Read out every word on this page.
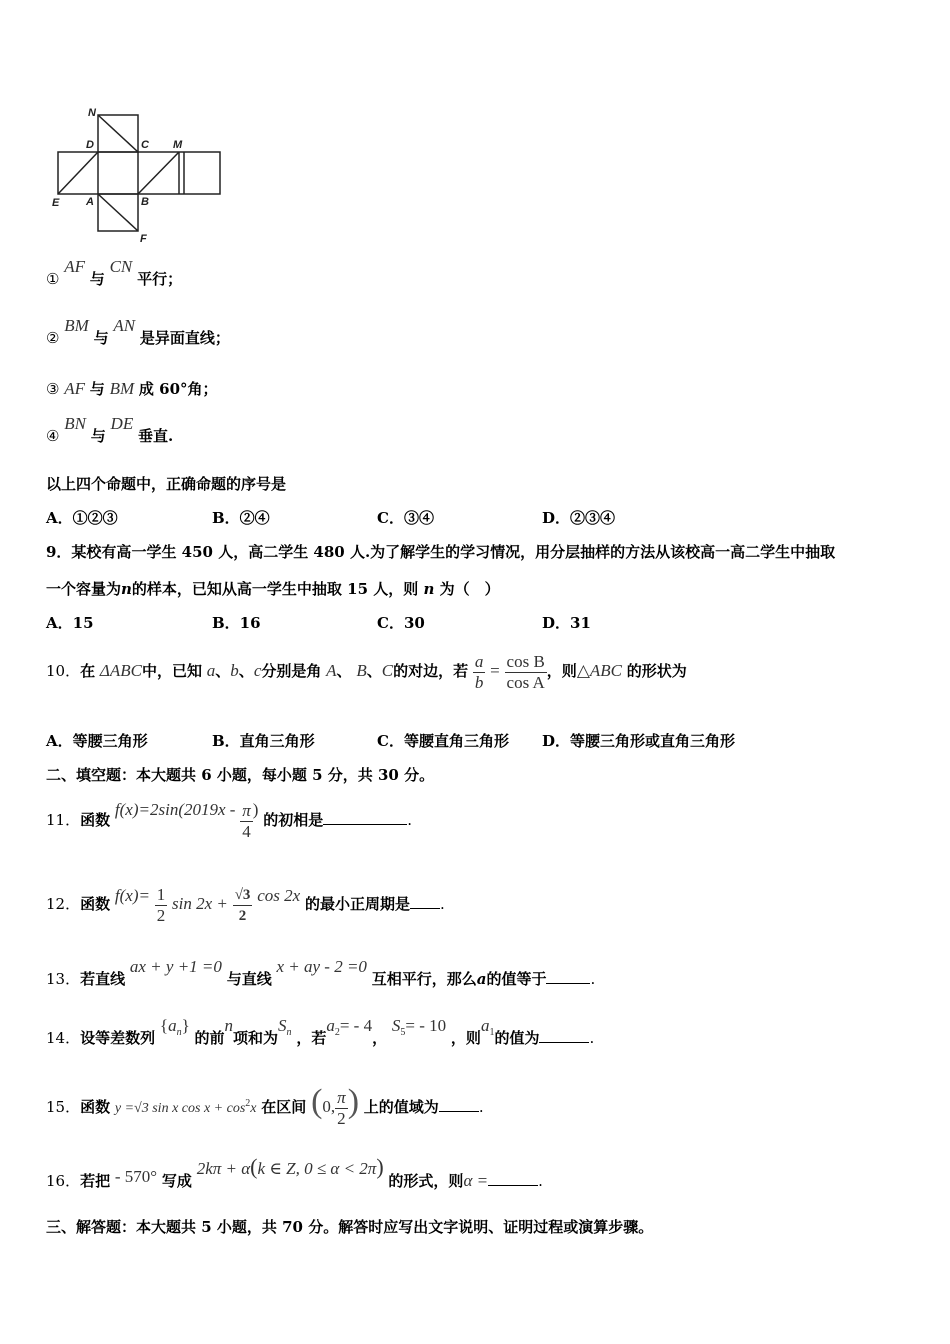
N
D	C M
E A	B
F
① AF 与 CN 平行；
② BM 与 AN 是异面直线；
③ AF 与 BM 成 60°角；
④ BN 与 DE 垂直.
以上四个命题中，正确命题的序号是
A．①②③	B．②④	C．③④	D．②③④
9．某校有高一学生 450 人，高二学生 480 人.为了解学生的学习情况，用分层抽样的方法从该校高一高二学生中抽取
一个容量为n的样本，已知从高一学生中抽取 15 人，则 n 为（　）
A．15	B．16	C．30	D．31
10．在 ΔABC中，已知 a、b、c分别是角 A、 B、C的对边，若 $\frac{a}{b} = \frac{\text{cos B}}{\text{cos A}}$ ，则△ABC 的形状为
A．等腰三角形	B．直角三角形	C．等腰直角三角形 D．等腰三角形或直角三角形
二、填空题：本大题共 6 小题，每小题 5 分，共 30 分。
11．函数 $f(x)=2\sin(2019x - \frac{\pi}{4}$ ) 的初相是	.
12．函数 $f(x)= \frac{1}{2}$ $\sin 2x + \frac{√3}{2}$ cos 2x 的最小正周期是 .
13．若直线 ax + y +1 =0 与直线 x + ay - 2 =0 互相平行，那么a的值等于	.
14．设等差数列 $\{a_n\}$ 的前n项和为$S_n$ ，若$a_2= - 4$， $S_5= - 10$ ，则$a_1$的值为	.
15．函数 y =√3 sin x $\cos x + \cos^2x$ 在区间 (0, $\frac{\pi}{2}$ ) 上的值域为	.
16．若把 - 570° 写成 2kπ + α(k ∈ Z, 0 ≤ α < 2π) 的形式，则α =	.
三、解答题：本大题共 5 小题，共 70 分。解答时应写出文字说明、证明过程或演算步骤。
